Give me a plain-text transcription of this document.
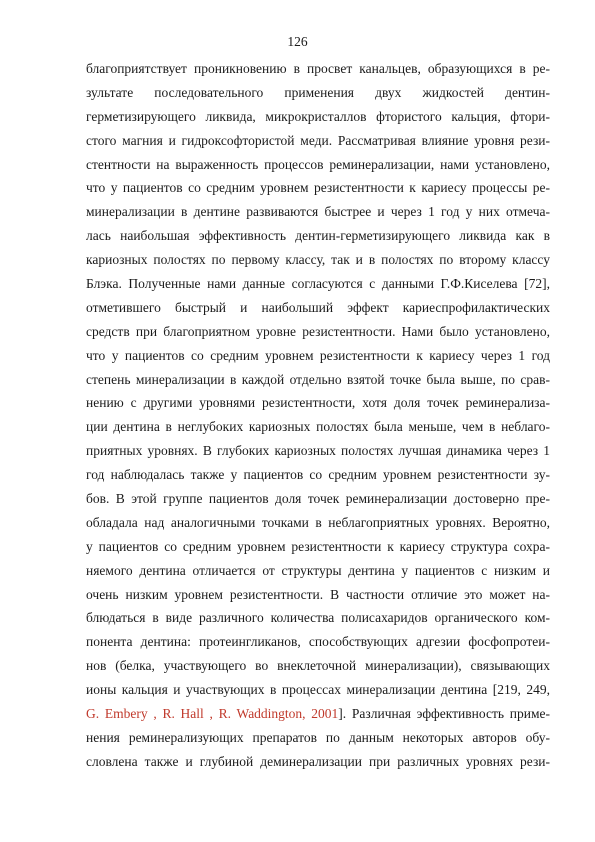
126
благоприятствует проникновению в просвет канальцев, образующихся в ре-
зультате последовательного применения двух жидкостей дентин-
герметизирующего ликвида, микрокристаллов фтористого кальция, фтори-
стого магния и гидроксофтористой меди. Рассматривая влияние уровня рези-
стентности на выраженность процессов реминерализации, нами установлено,
что у пациентов со средним уровнем резистентности к кариесу процессы ре-
минерализации в дентине развиваются быстрее и через 1 год у них отмеча-
лась наибольшая эффективность дентин-герметизирующего ликвида как в
кариозных полостях по первому классу, так и в полостях по второму классу
Блэка. Полученные нами данные согласуются с данными Г.Ф.Киселева [72],
отметившего быстрый и наибольший эффект кариеспрофилактических
средств при благоприятном уровне резистентности. Нами было установлено,
что у пациентов со средним уровнем резистентности к кариесу через 1 год
степень минерализации в каждой отдельно взятой точке была выше, по срав-
нению с другими уровнями резистентности, хотя доля точек реминерализа-
ции дентина в неглубоких кариозных полостях была меньше, чем в неблаго-
приятных уровнях. В глубоких кариозных полостях лучшая динамика через 1
год наблюдалась также у пациентов со средним уровнем резистентности зу-
бов. В этой группе пациентов доля точек реминерализации достоверно пре-
обладала над аналогичными точками в неблагоприятных уровнях. Вероятно,
у пациентов со средним уровнем резистентности к кариесу структура сохра-
няемого дентина отличается от структуры дентина у пациентов с низким и
очень низким уровнем резистентности. В частности отличие это может на-
блюдаться в виде различного количества полисахаридов органического ком-
понента дентина: протеингликанов, способствующих адгезии фосфопротеи-
нов (белка, участвующего во внеклеточной минерализации), связывающих
ионы кальция и участвующих в процессах минерализации дентина [219, 249,
G. Embery , R. Hall , R. Waddington, 2001]. Различная эффективность приме-
нения реминерализующих препаратов по данным некоторых авторов обу-
словлена также и глубиной деминерализации при различных уровнях рези-
